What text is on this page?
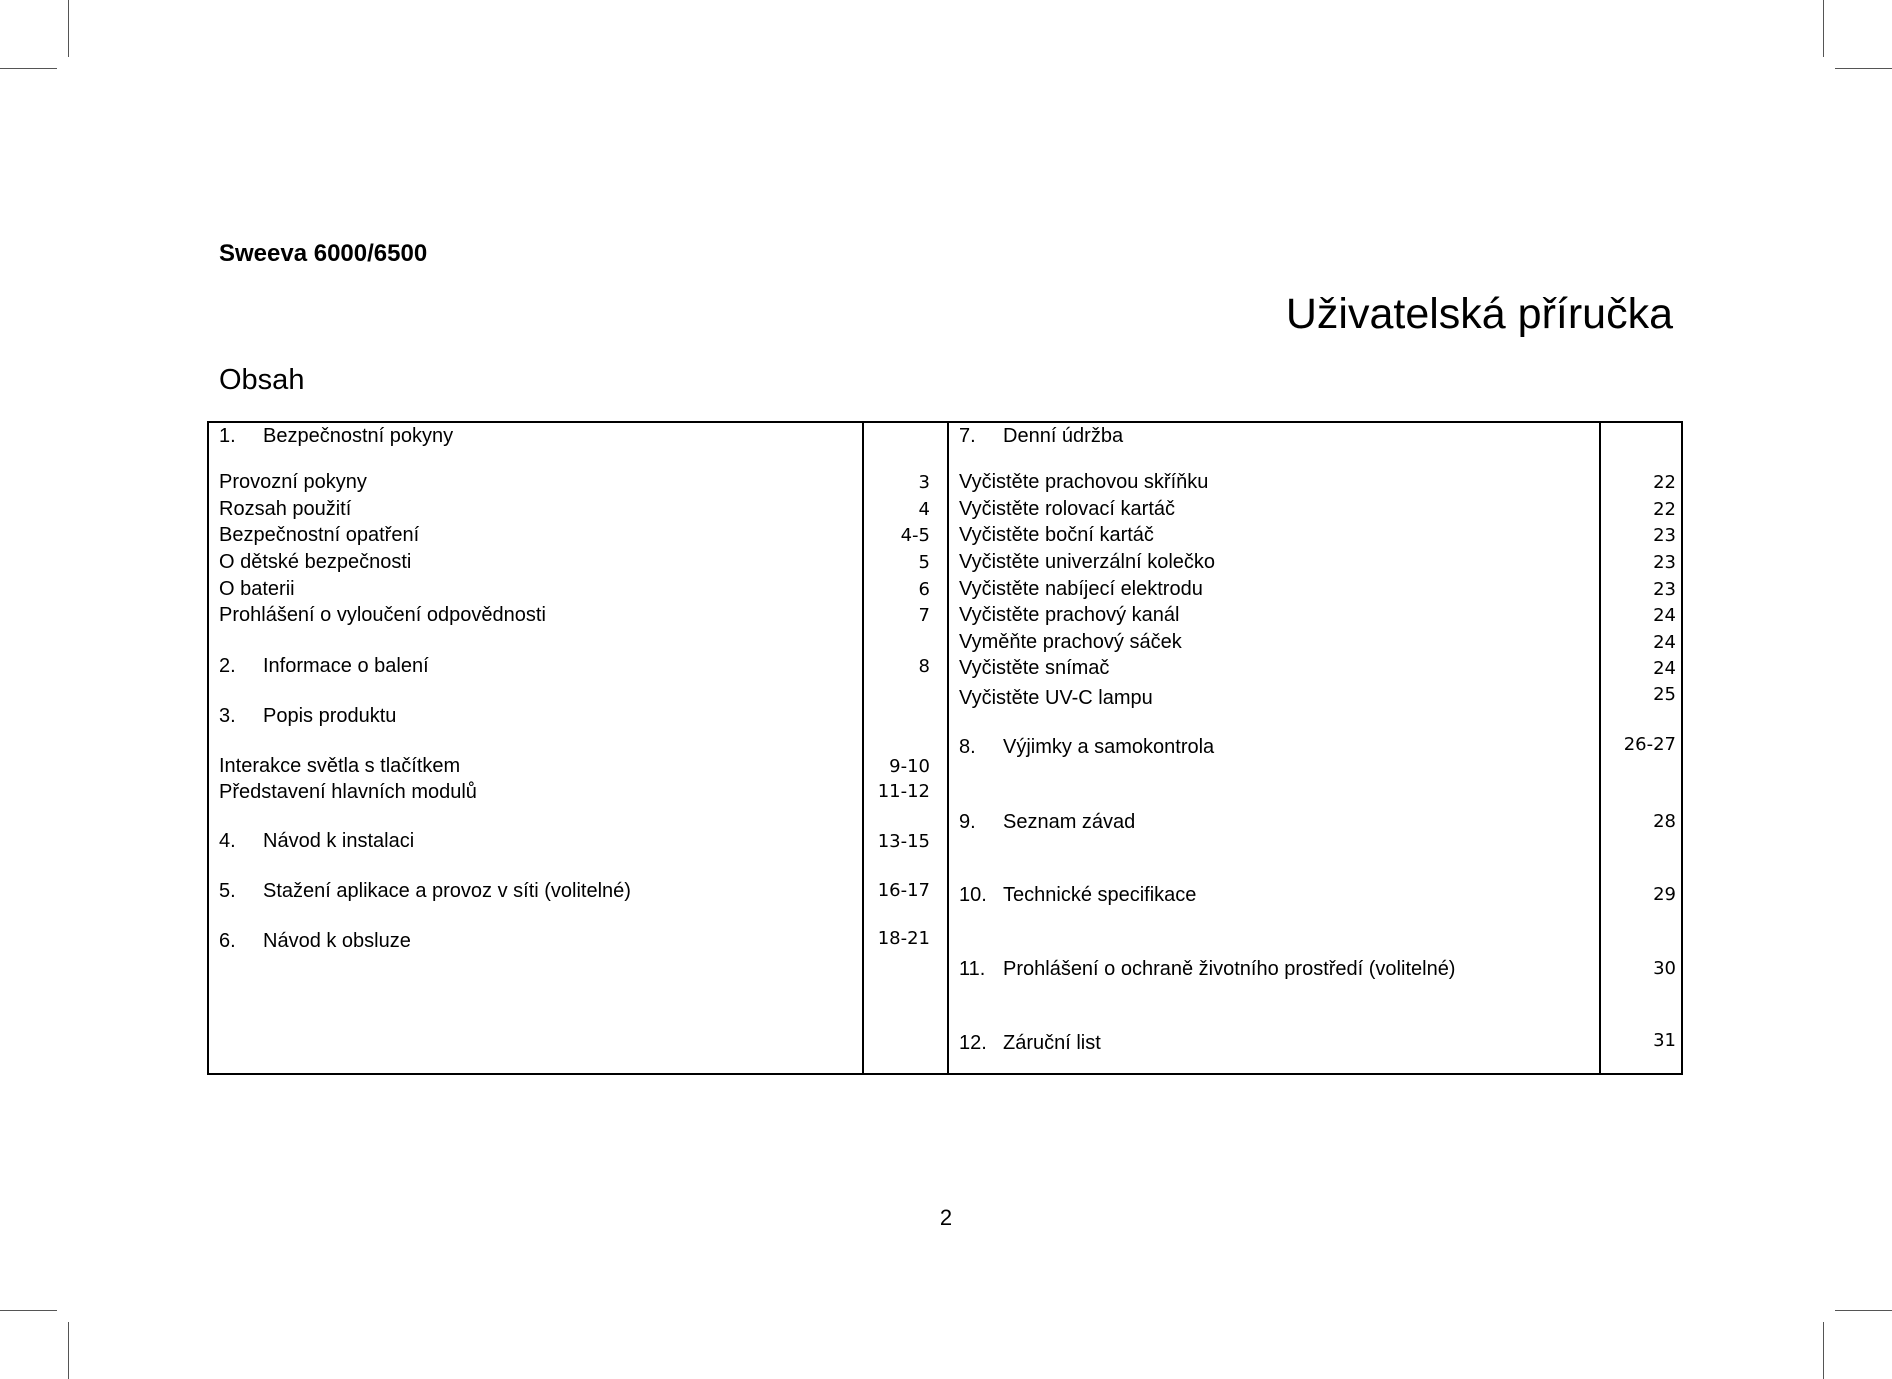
Sweeva 6000/6500
Uživatelská příručka
Obsah
1. Bezpečnostní pokyny
Provozní pokyny	3
Rozsah použití	4
Bezpečnostní opatření	4-5
O dětské bezpečnosti	5
O baterii	6
Prohlášení o vyloučení odpovědnosti	7
2. Informace o balení	8
3. Popis produktu
Interakce světla s tlačítkem	9-10
Představení hlavních modulů	11-12
4. Návod k instalaci	13-15
5. Stažení aplikace a provoz v síti (volitelné)	16-17
6. Návod k obsluze	18-21
7. Denní údržba
Vyčistěte prachovou skříňku	22
Vyčistěte rolovací kartáč	22
Vyčistěte boční kartáč	23
Vyčistěte univerzální kolečko	23
Vyčistěte nabíjecí elektrodu	23
Vyčistěte prachový kanál	24
Vyměňte prachový sáček	24
Vyčistěte snímač	24
Vyčistěte UV-C lampu	25
8. Výjimky a samokontrola	26-27
9. Seznam závad	28
10. Technické specifikace	29
11. Prohlášení o ochraně životního prostředí (volitelné)	30
12. Záruční list	31
2
